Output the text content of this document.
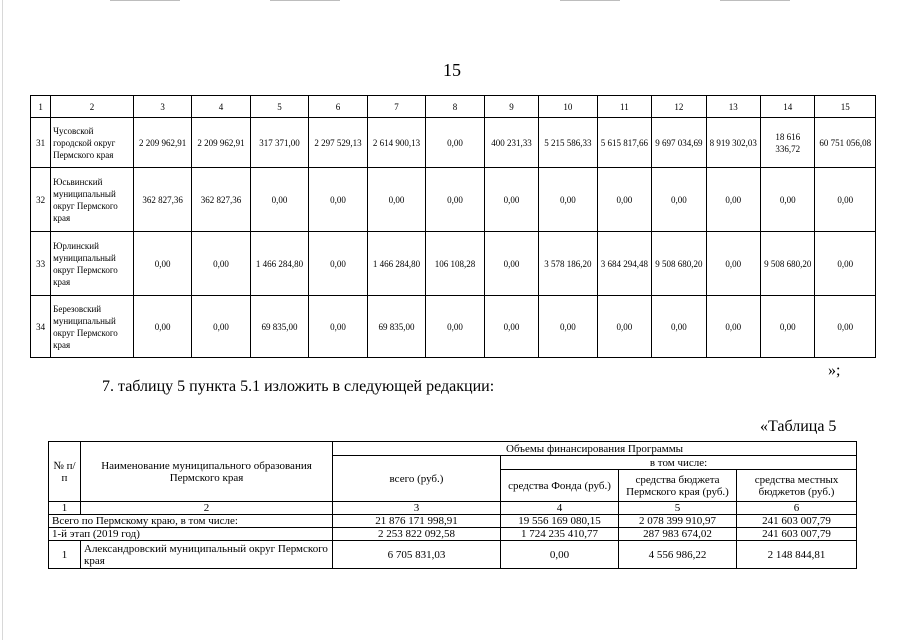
15
1	2	3	4	5	6	7	8	9	10	11	12	13	14	15
31	Чусовской городской округ Пермского края	2 209 962,91	2 209 962,91	317 371,00	2 297 529,13	2 614 900,13	0,00	400 231,33	5 215 586,33	5 615 817,66	9 697 034,69	8 919 302,03	18 616 336,72	60 751 056,08
32	Юсьвинский муниципальный округ Пермского края	362 827,36	362 827,36	0,00	0,00	0,00	0,00	0,00	0,00	0,00	0,00	0,00	0,00	0,00
33	Юрлинский муниципальный округ Пермского края	0,00	0,00	1 466 284,80	0,00	1 466 284,80	106 108,28	0,00	3 578 186,20	3 684 294,48	9 508 680,20	0,00	9 508 680,20	0,00
34	Березовский муниципальный округ Пермского края	0,00	0,00	69 835,00	0,00	69 835,00	0,00	0,00	0,00	0,00	0,00	0,00	0,00	0,00
»;
7. таблицу 5 пункта 5.1 изложить в следующей редакции:
«Таблица 5
№ п/п	Наименование муниципального образования Пермского края	Объемы финансирования Программы			
		всего (руб.)	в том числе:		
			средства Фонда (руб.)	средства бюджета Пермского края (руб.)	средства местных бюджетов (руб.)
1	2	3	4	5	6
Всего по Пермскому краю, в том числе:		21 876 171 998,91	19 556 169 080,15	2 078 399 910,97	241 603 007,79
1-й этап (2019 год)		2 253 822 092,58	1 724 235 410,77	287 983 674,02	241 603 007,79
1	Александровский муниципальный округ Пермского края	6 705 831,03	0,00	4 556 986,22	2 148 844,81
